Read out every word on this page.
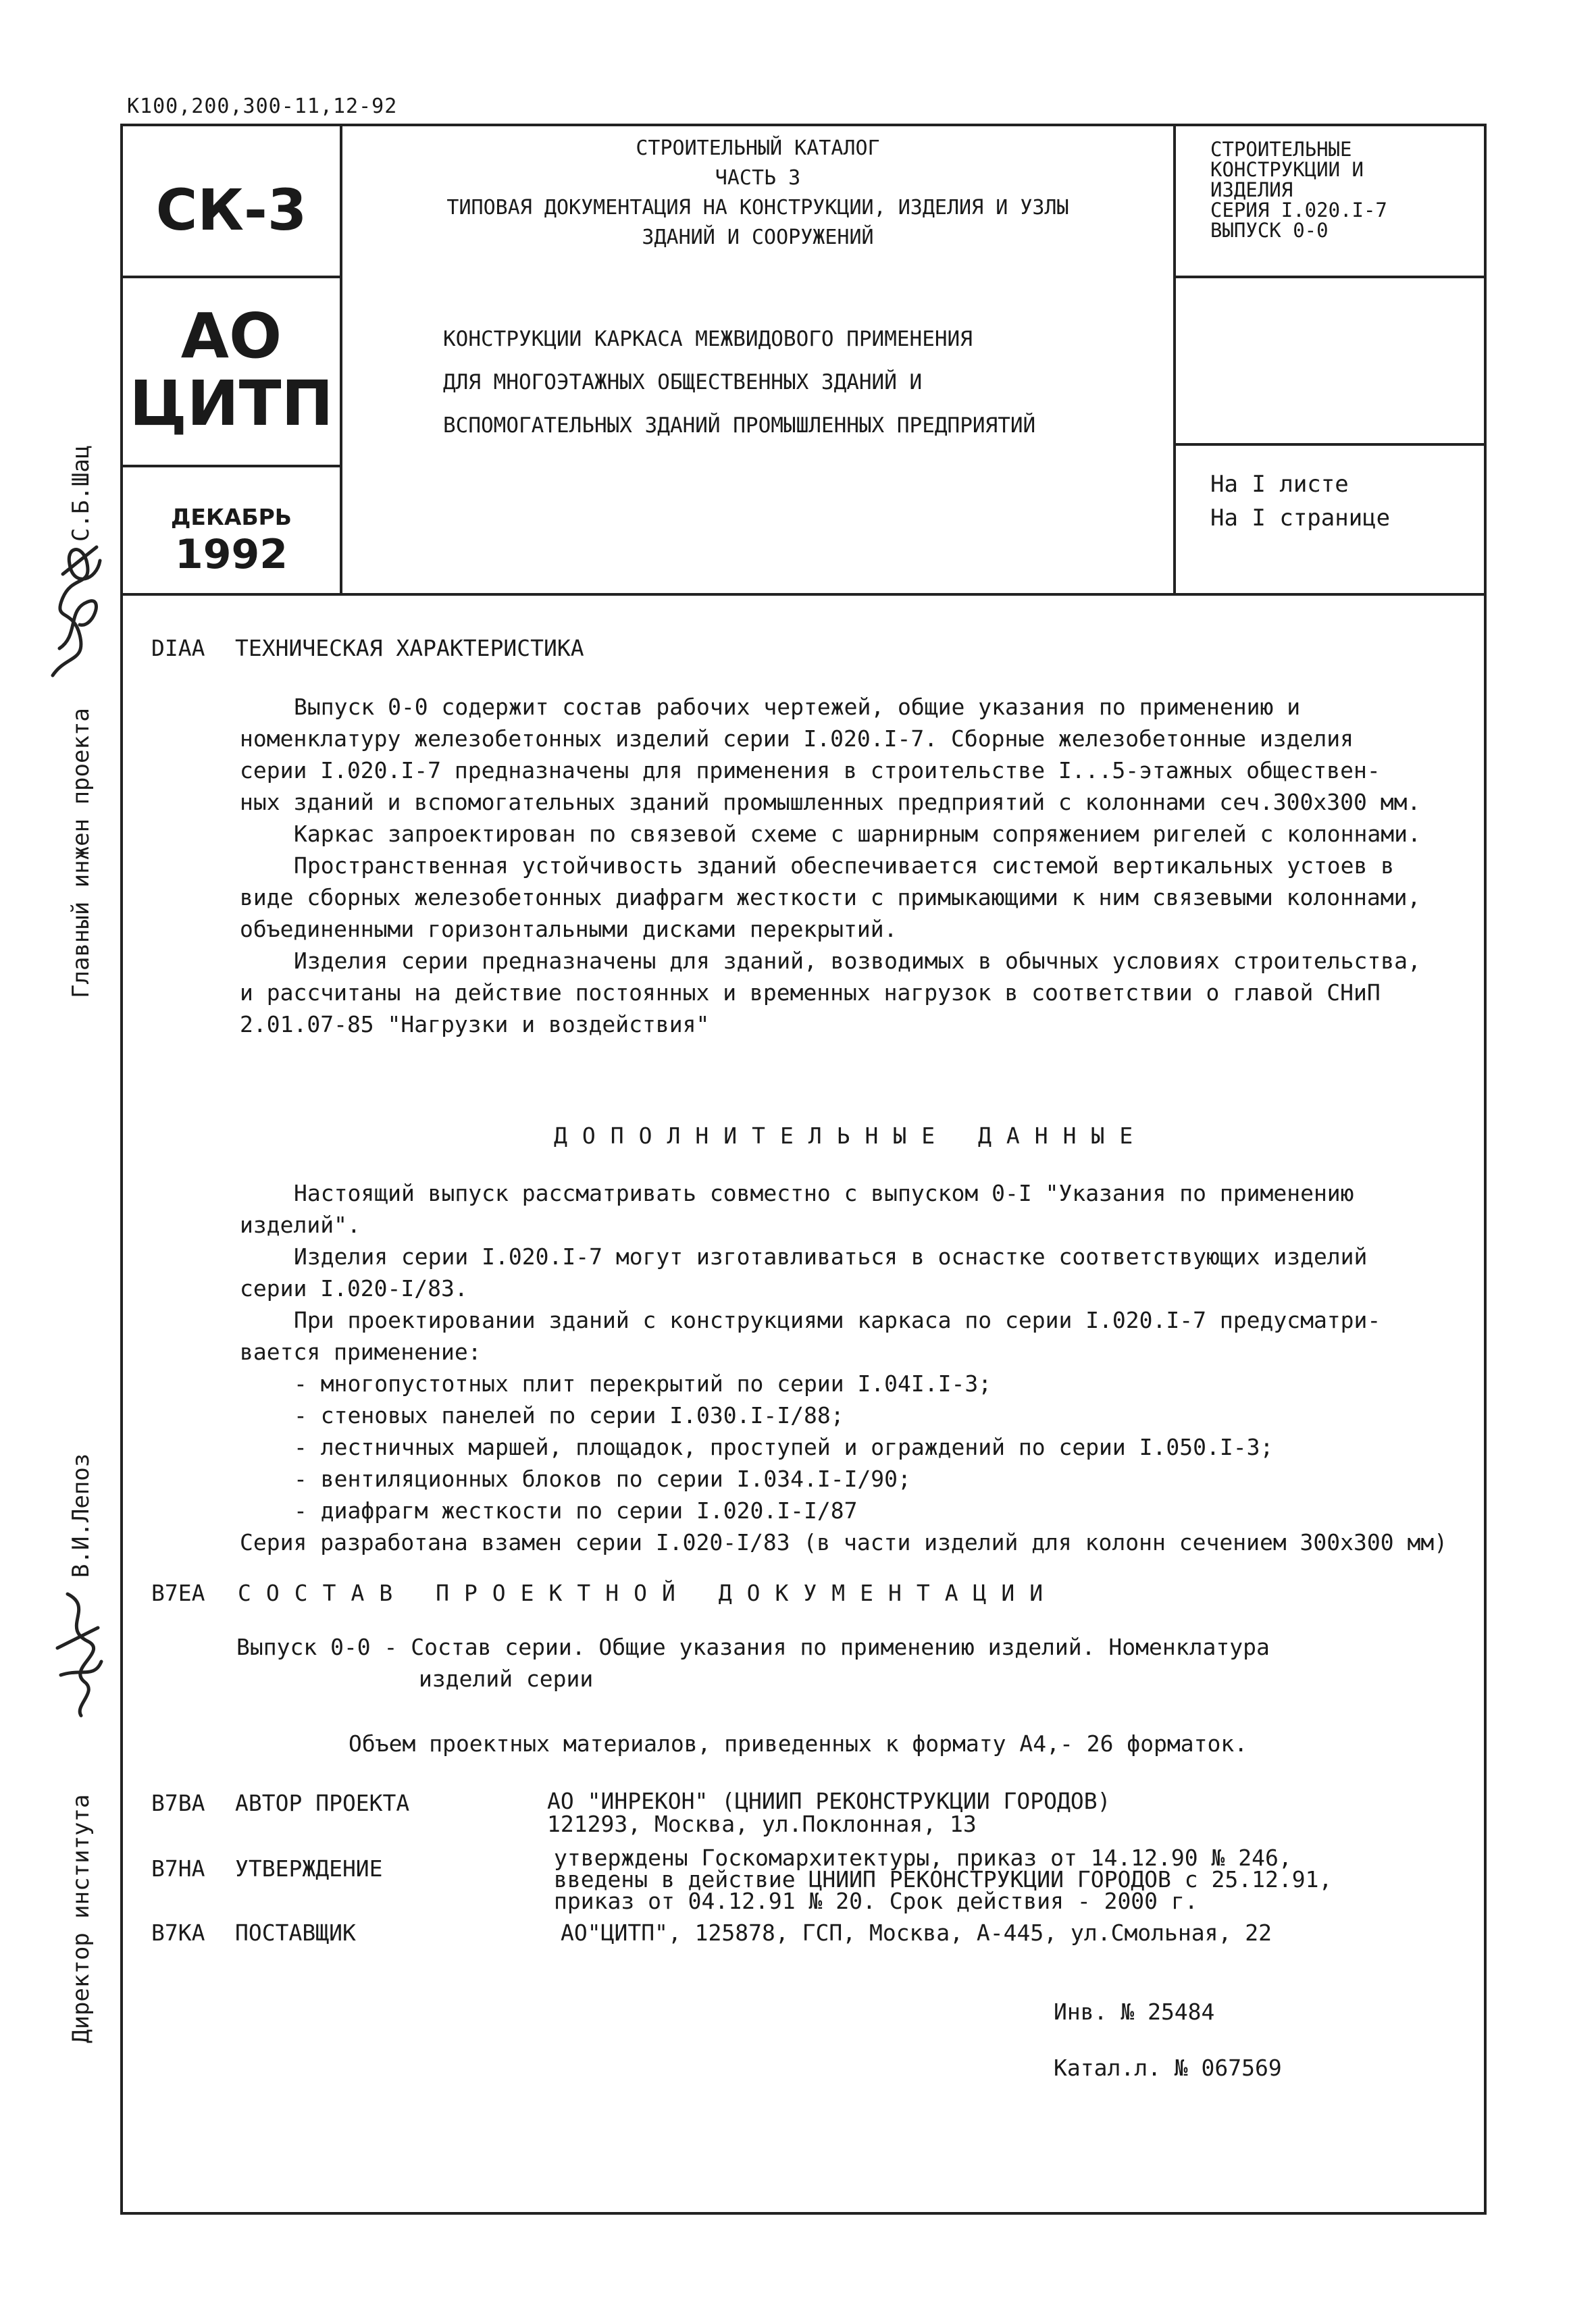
К100,200,300-11,12-92
СК-3
АО
ЦИТП
ДЕКАБРЬ
1992
СТРОИТЕЛЬНЫЙ КАТАЛОГ
ЧАСТЬ 3
ТИПОВАЯ ДОКУМЕНТАЦИЯ НА КОНСТРУКЦИИ, ИЗДЕЛИЯ И УЗЛЫ
ЗДАНИЙ И СООРУЖЕНИЙ
СТРОИТЕЛЬНЫЕ
КОНСТРУКЦИИ И
ИЗДЕЛИЯ
СЕРИЯ I.020.I-7
ВЫПУСК 0-0
КОНСТРУКЦИИ КАРКАСА МЕЖВИДОВОГО ПРИМЕНЕНИЯ
ДЛЯ МНОГОЭТАЖНЫХ ОБЩЕСТВЕННЫХ ЗДАНИЙ И
ВСПОМОГАТЕЛЬНЫХ ЗДАНИЙ ПРОМЫШЛЕННЫХ ПРЕДПРИЯТИЙ
На I листе
На I странице
Главный инжен проекта
С.Б.Шац
Директор института
В.И.Лепоз
DIAA ТЕХНИЧЕСКАЯ ХАРАКТЕРИСТИКА
Выпуск 0-0 содержит состав рабочих чертежей, общие указания по применению и
номенклатуру железобетонных изделий серии I.020.I-7. Сборные железобетонные изделия
серии I.020.I-7 предназначены для применения в строительстве I...5-этажных обществен-
ных зданий и вспомогательных зданий промышленных предприятий с колоннами сеч.300х300 мм.
Каркас запроектирован по связевой схеме с шарнирным сопряжением ригелей с колоннами.
Пространственная устойчивость зданий обеспечивается системой вертикальных устоев в
виде сборных железобетонных диафрагм жесткости с примыкающими к ним связевыми колоннами,
объединенными горизонтальными дисками перекрытий.
Изделия серии предназначены для зданий, возводимых в обычных условиях строительства,
и рассчитаны на действие постоянных и временных нагрузок в соответствии о главой СНиП
2.01.07-85 "Нагрузки и воздействия"
ДОПОЛНИТЕЛЬНЫЕ ДАННЫЕ
Настоящий выпуск рассматривать совместно с выпуском 0-I "Указания по применению
изделий".
Изделия серии I.020.I-7 могут изготавливаться в оснастке соответствующих изделий
серии I.020-I/83.
При проектировании зданий с конструкциями каркаса по серии I.020.I-7 предусматри-
вается применение:
- многопустотных плит перекрытий по серии I.04I.I-3;
- стеновых панелей по серии I.030.I-I/88;
- лестничных маршей, площадок, проступей и ограждений по серии I.050.I-3;
- вентиляционных блоков по серии I.034.I-I/90;
- диафрагм жесткости по серии I.020.I-I/87
Серия разработана взамен серии I.020-I/83 (в части изделий для колонн сечением 300х300 мм)
B7EA СОСТАВ ПРОЕКТНОЙ ДОКУМЕНТАЦИИ
Выпуск 0-0 - Состав серии. Общие указания по применению изделий. Номенклатура
изделий серии
Объем проектных материалов, приведенных к формату А4,- 26 форматок.
B7BA АВТОР ПРОЕКТА	АО "ИНРЕКОН" (ЦНИИП РЕКОНСТРУКЦИИ ГОРОДОВ)
121293, Москва, ул.Поклонная, 13
B7HA УТВЕРЖДЕНИЕ	утверждены Госкомархитектуры, приказ от 14.12.90 № 246,
введены в действие ЦНИИП РЕКОНСТРУКЦИИ ГОРОДОВ с 25.12.91,
приказ от 04.12.91 № 20. Срок действия - 2000 г.
B7KA ПОСТАВЩИК	АО"ЦИТП", 125878, ГСП, Москва, А-445, ул.Смольная, 22
Инв. № 25484
Катал.л. № 067569
